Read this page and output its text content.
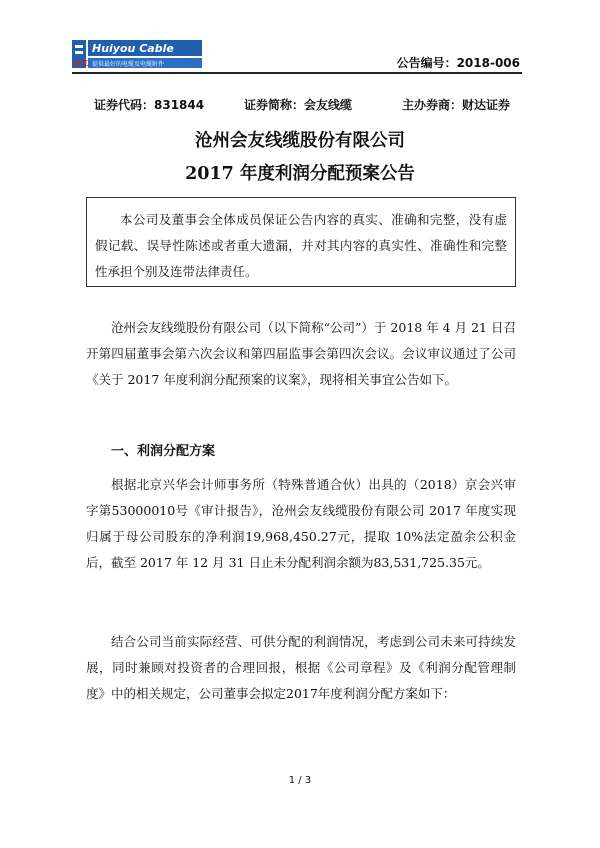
安友
Huiyou Cable
提供最好的电缆及电缆附件	公告编号：2018-006
证券代码：831844	证券简称：会友线缆	主办券商：财达证券
沧州会友线缆股份有限公司
2017 年度利润分配预案公告
本公司及董事会全体成员保证公告内容的真实、准确和完整，没有虚假记载、误导性陈述或者重大遗漏，并对其内容的真实性、准确性和完整性承担个别及连带法律责任。

沧州会友线缆股份有限公司（以下简称“公司”）于 2018 年 4 月 21 日召开第四届董事会第六次会议和第四届监事会第四次会议。会议审议通过了公司《关于 2017 年度利润分配预案的议案》，现将相关事宜公告如下。

一、利润分配方案

根据北京兴华会计师事务所（特殊普通合伙）出具的（2018）京会兴审字第53000010号《审计报告》，沧州会友线缆股份有限公司 2017 年度实现归属于母公司股东的净利润19,968,450.27元，提取 10%法定盈余公积金后，截至 2017 年 12 月 31 日止未分配利润余额为83,531,725.35元。

结合公司当前实际经营、可供分配的利润情况，考虑到公司未来可持续发展，同时兼顾对投资者的合理回报，根据《公司章程》及《利润分配管理制度》中的相关规定，公司董事会拟定2017年度利润分配方案如下：

1 / 3
